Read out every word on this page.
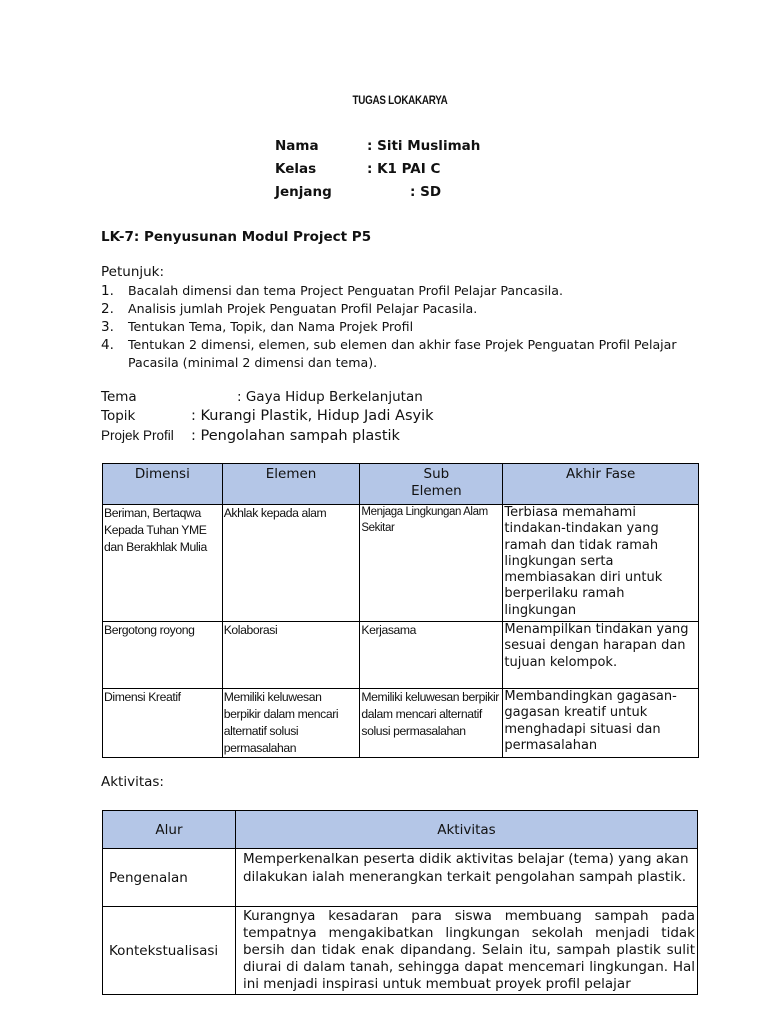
TUGAS LOKAKARYA
Nama	: Siti Muslimah
Kelas	: K1 PAI C
Jenjang	: SD
LK-7: Penyusunan Modul Project P5
Petunjuk:
1. Bacalah dimensi dan tema Project Penguatan Profil Pelajar Pancasila.
2. Analisis jumlah Projek Penguatan Profil Pelajar Pacasila.
3. Tentukan Tema, Topik, dan Nama Projek Profil
4. Tentukan 2 dimensi, elemen, sub elemen dan akhir fase Projek Penguatan Profil Pelajar Pacasila (minimal 2 dimensi dan tema).
Tema	: Gaya Hidup Berkelanjutan
Topik	: Kurangi Plastik, Hidup Jadi Asyik
Projek Profil : Pengolahan sampah plastik
Dimensi	Elemen	Sub Elemen	Akhir Fase
Beriman, Bertaqwa Kepada Tuhan YME dan Berakhlak Mulia	Akhlak kepada alam	Menjaga Lingkungan Alam Sekitar	Terbiasa memahami tindakan-tindakan yang ramah dan tidak ramah lingkungan serta membiasakan diri untuk berperilaku ramah lingkungan
Bergotong royong	Kolaborasi	Kerjasama	Menampilkan tindakan yang sesuai dengan harapan dan tujuan kelompok.
Dimensi Kreatif	Memiliki keluwesan berpikir dalam mencari alternatif solusi permasalahan	Memiliki keluwesan berpikir dalam mencari alternatif solusi permasalahan	Membandingkan gagasan-gagasan kreatif untuk menghadapi situasi dan permasalahan
Aktivitas:
Alur	Aktivitas
Pengenalan	Memperkenalkan peserta didik aktivitas belajar (tema) yang akan dilakukan ialah menerangkan terkait pengolahan sampah plastik.
Kontekstualisasi	Kurangnya kesadaran para siswa membuang sampah pada tempatnya mengakibatkan lingkungan sekolah menjadi tidak bersih dan tidak enak dipandang. Selain itu, sampah plastik sulit diurai di dalam tanah, sehingga dapat mencemari lingkungan. Hal ini menjadi inspirasi untuk membuat proyek profil pelajar
